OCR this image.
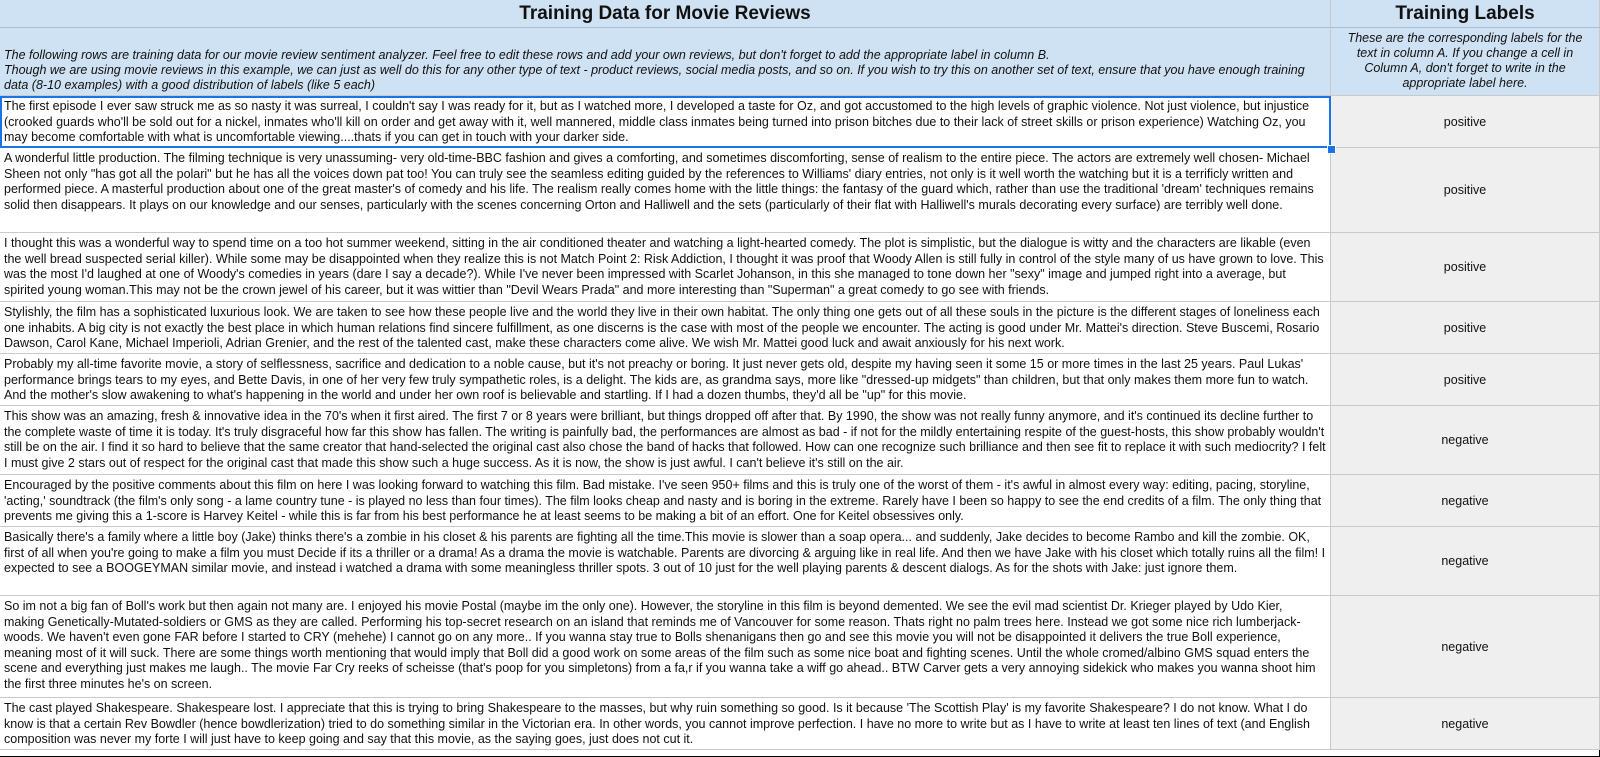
Training Data for Movie Reviews	Training Labels
The following rows are training data for our movie review sentiment analyzer. Feel free to edit these rows and add your own reviews, but don't forget to add the appropriate label in column B.
Though we are using movie reviews in this example, we can just as well do this for any other type of text - product reviews, social media posts, and so on. If you wish to try this on another set of text, ensure that you have enough training data (8-10 examples) with a good distribution of labels (like 5 each)
These are the corresponding labels for the text in column A. If you change a cell in Column A, don't forget to write in the appropriate label here.
The first episode I ever saw struck me as so nasty it was surreal, I couldn't say I was ready for it, but as I watched more, I developed a taste for Oz, and got accustomed to the high levels of graphic violence. Not just violence, but injustice (crooked guards who'll be sold out for a nickel, inmates who'll kill on order and get away with it, well mannered, middle class inmates being turned into prison bitches due to their lack of street skills or prison experience) Watching Oz, you may become comfortable with what is uncomfortable viewing....thats if you can get in touch with your darker side.
positive
A wonderful little production. The filming technique is very unassuming- very old-time-BBC fashion and gives a comforting, and sometimes discomforting, sense of realism to the entire piece. The actors are extremely well chosen- Michael Sheen not only "has got all the polari" but he has all the voices down pat too! You can truly see the seamless editing guided by the references to Williams' diary entries, not only is it well worth the watching but it is a terrificly written and performed piece. A masterful production about one of the great master's of comedy and his life. The realism really comes home with the little things: the fantasy of the guard which, rather than use the traditional 'dream' techniques remains solid then disappears. It plays on our knowledge and our senses, particularly with the scenes concerning Orton and Halliwell and the sets (particularly of their flat with Halliwell's murals decorating every surface) are terribly well done.
positive
I thought this was a wonderful way to spend time on a too hot summer weekend, sitting in the air conditioned theater and watching a light-hearted comedy. The plot is simplistic, but the dialogue is witty and the characters are likable (even the well bread suspected serial killer). While some may be disappointed when they realize this is not Match Point 2: Risk Addiction, I thought it was proof that Woody Allen is still fully in control of the style many of us have grown to love. This was the most I'd laughed at one of Woody's comedies in years (dare I say a decade?). While I've never been impressed with Scarlet Johanson, in this she managed to tone down her "sexy" image and jumped right into a average, but spirited young woman.This may not be the crown jewel of his career, but it was wittier than "Devil Wears Prada" and more interesting than "Superman" a great comedy to go see with friends.
positive
Stylishly, the film has a sophisticated luxurious look. We are taken to see how these people live and the world they live in their own habitat. The only thing one gets out of all these souls in the picture is the different stages of loneliness each one inhabits. A big city is not exactly the best place in which human relations find sincere fulfillment, as one discerns is the case with most of the people we encounter. The acting is good under Mr. Mattei's direction. Steve Buscemi, Rosario Dawson, Carol Kane, Michael Imperioli, Adrian Grenier, and the rest of the talented cast, make these characters come alive. We wish Mr. Mattei good luck and await anxiously for his next work.
positive
Probably my all-time favorite movie, a story of selflessness, sacrifice and dedication to a noble cause, but it's not preachy or boring. It just never gets old, despite my having seen it some 15 or more times in the last 25 years. Paul Lukas' performance brings tears to my eyes, and Bette Davis, in one of her very few truly sympathetic roles, is a delight. The kids are, as grandma says, more like "dressed-up midgets" than children, but that only makes them more fun to watch. And the mother's slow awakening to what's happening in the world and under her own roof is believable and startling. If I had a dozen thumbs, they'd all be "up" for this movie.
positive
This show was an amazing, fresh & innovative idea in the 70's when it first aired. The first 7 or 8 years were brilliant, but things dropped off after that. By 1990, the show was not really funny anymore, and it's continued its decline further to the complete waste of time it is today. It's truly disgraceful how far this show has fallen. The writing is painfully bad, the performances are almost as bad - if not for the mildly entertaining respite of the guest-hosts, this show probably wouldn't still be on the air. I find it so hard to believe that the same creator that hand-selected the original cast also chose the band of hacks that followed. How can one recognize such brilliance and then see fit to replace it with such mediocrity? I felt I must give 2 stars out of respect for the original cast that made this show such a huge success. As it is now, the show is just awful. I can't believe it's still on the air.
negative
Encouraged by the positive comments about this film on here I was looking forward to watching this film. Bad mistake. I've seen 950+ films and this is truly one of the worst of them - it's awful in almost every way: editing, pacing, storyline, 'acting,' soundtrack (the film's only song - a lame country tune - is played no less than four times). The film looks cheap and nasty and is boring in the extreme. Rarely have I been so happy to see the end credits of a film. The only thing that prevents me giving this a 1-score is Harvey Keitel - while this is far from his best performance he at least seems to be making a bit of an effort. One for Keitel obsessives only.
negative
Basically there's a family where a little boy (Jake) thinks there's a zombie in his closet & his parents are fighting all the time.This movie is slower than a soap opera... and suddenly, Jake decides to become Rambo and kill the zombie. OK, first of all when you're going to make a film you must Decide if its a thriller or a drama! As a drama the movie is watchable. Parents are divorcing & arguing like in real life. And then we have Jake with his closet which totally ruins all the film! I expected to see a BOOGEYMAN similar movie, and instead i watched a drama with some meaningless thriller spots. 3 out of 10 just for the well playing parents & descent dialogs. As for the shots with Jake: just ignore them.	negative
So im not a big fan of Boll's work but then again not many are. I enjoyed his movie Postal (maybe im the only one). However, the storyline in this film is beyond demented. We see the evil mad scientist Dr. Krieger played by Udo Kier, making Genetically-Mutated-soldiers or GMS as they are called. Performing his top-secret research on an island that reminds me of Vancouver for some reason. Thats right no palm trees here. Instead we got some nice rich lumberjack-woods. We haven't even gone FAR before I started to CRY (mehehe) I cannot go on any more.. If you wanna stay true to Bolls shenanigans then go and see this movie you will not be disappointed it delivers the true Boll experience, meaning most of it will suck. There are some things worth mentioning that would imply that Boll did a good work on some areas of the film such as some nice boat and fighting scenes. Until the whole cromed/albino GMS squad enters the scene and everything just makes me laugh.. The movie Far Cry reeks of scheisse (that's poop for you simpletons) from a fa,r if you wanna take a wiff go ahead.. BTW Carver gets a very annoying sidekick who makes you wanna shoot him the first three minutes he's on screen.
negative
The cast played Shakespeare. Shakespeare lost. I appreciate that this is trying to bring Shakespeare to the masses, but why ruin something so good. Is it because 'The Scottish Play' is my favorite Shakespeare? I do not know. What I do know is that a certain Rev Bowdler (hence bowdlerization) tried to do something similar in the Victorian era. In other words, you cannot improve perfection. I have no more to write but as I have to write at least ten lines of text (and English composition was never my forte I will just have to keep going and say that this movie, as the saying goes, just does not cut it.
negative
